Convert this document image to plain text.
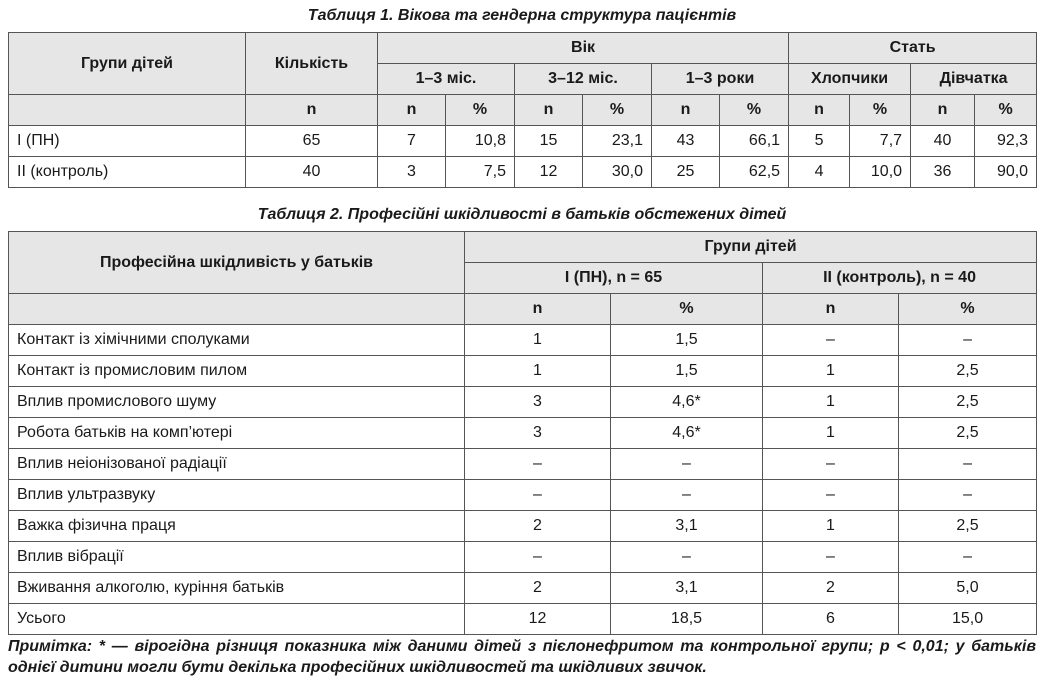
Таблиця 1. Вікова та гендерна структура пацієнтів
Групи дітей	Кількість	Вік						Стать			
		1–3 міс.		3–12 міс.		1–3 роки		Хлопчики		Дівчатка	
	n	n	%	n	%	n	%	n	%	n	%
I (ПН)	65	7	10,8	15	23,1	43	66,1	5	7,7	40	92,3
II (контроль)	40	3	7,5	12	30,0	25	62,5	4	10,0	36	90,0
Таблиця 2. Професійні шкідливості в батьків обстежених дітей
Професійна шкідливість у батьків	Групи дітей			
	I (ПН), n = 65		II (контроль), n = 40	
	n	%	n	%
Контакт із хімічними сполуками	1	1,5	–	–
Контакт із промисловим пилом	1	1,5	1	2,5
Вплив промислового шуму	3	4,6*	1	2,5
Робота батьків на комп’ютері	3	4,6*	1	2,5
Вплив неіонізованої радіації	–	–	–	–
Вплив ультразвуку	–	–	–	–
Важка фізична праця	2	3,1	1	2,5
Вплив вібрації	–	–	–	–
Вживання алкоголю, куріння батьків	2	3,1	2	5,0
Усього	12	18,5	6	15,0
Примітка: * — вірогідна різниця показника між даними дітей з пієлонефритом та контрольної групи; p < 0,01; у батьків однієї дитини могли бути декілька професійних шкідливостей та шкідливих звичок.
